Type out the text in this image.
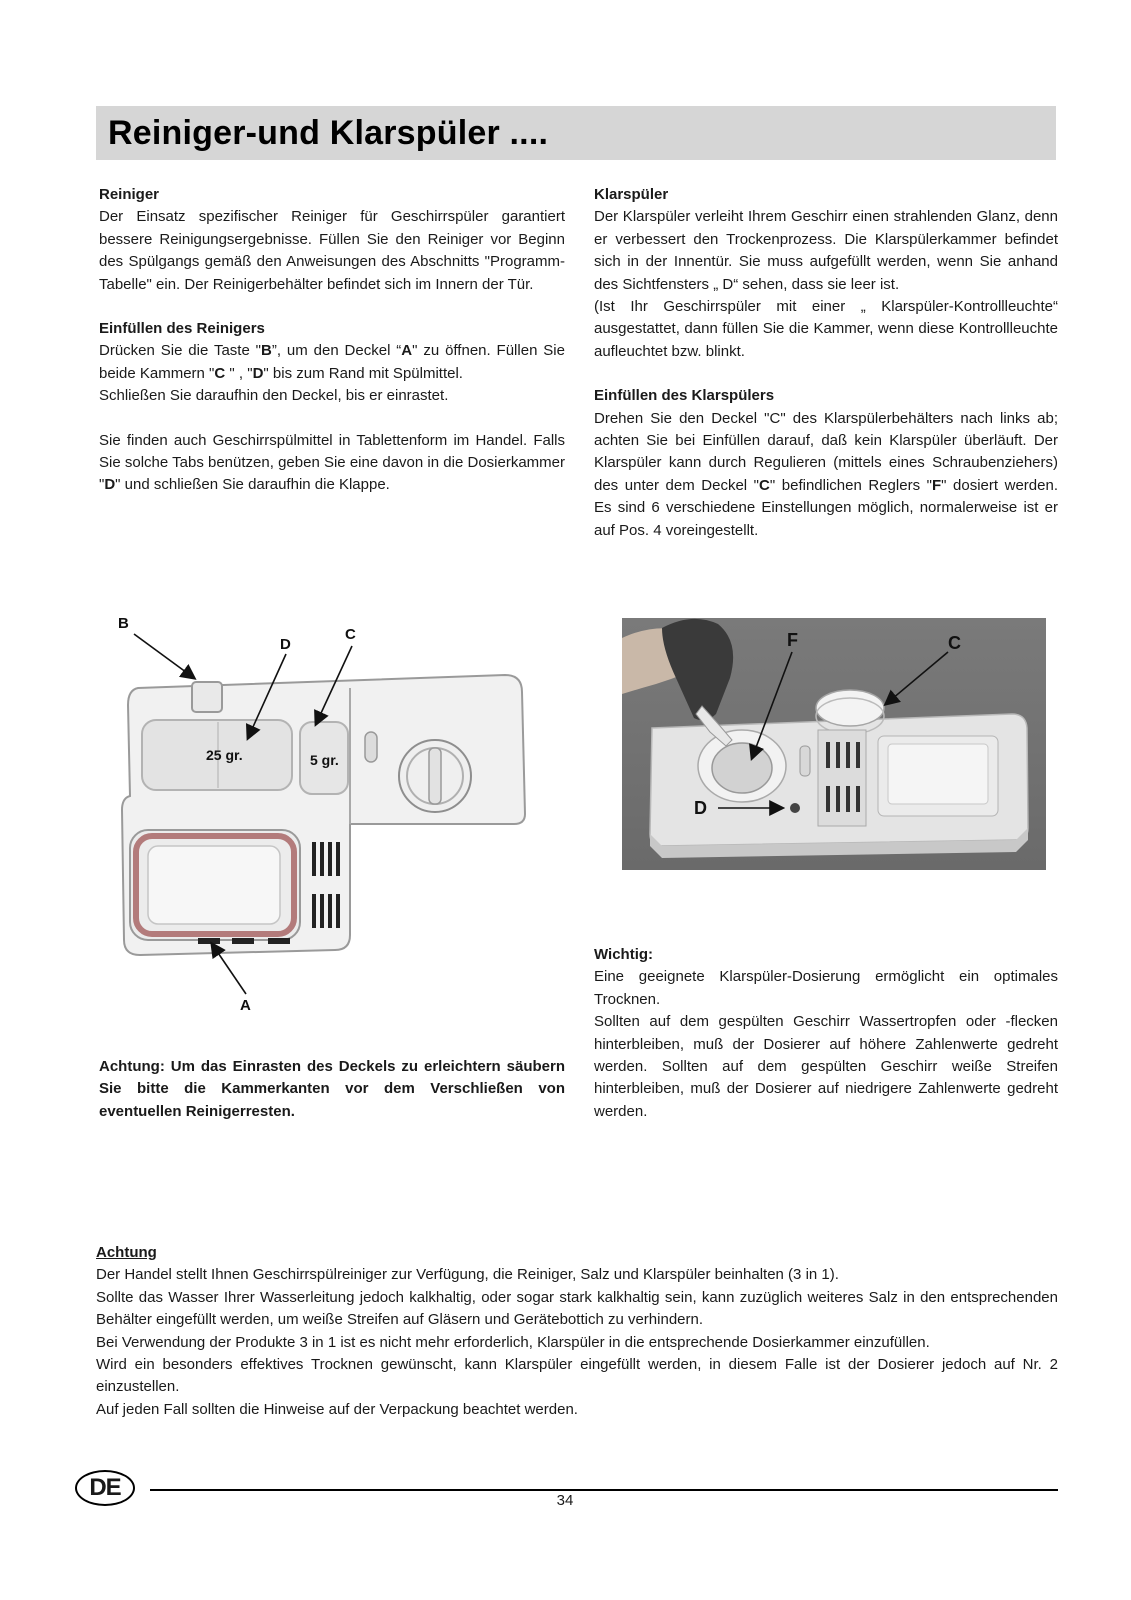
Reiniger-und Klarspüler ....

Reiniger

Der Einsatz spezifischer Reiniger für Geschirrspüler garantiert bessere Reinigungsergebnisse. Füllen Sie den Reiniger vor Beginn des Spülgangs gemäß den Anweisungen des Abschnitts "Programm-Tabelle" ein. Der Reinigerbehälter befindet sich im Innern der Tür.

Einfüllen des Reinigers

Drücken Sie die Taste "B”, um den Deckel “A" zu öffnen. Füllen Sie beide Kammern "C " , "D" bis zum Rand mit Spülmittel.

Schließen Sie daraufhin den Deckel, bis er einrastet.

Sie finden auch Geschirrspülmittel in Tablettenform im Handel. Falls Sie solche Tabs benützen, geben Sie eine davon in die Dosierkammer "D" und schließen Sie daraufhin die Klappe.

Klarspüler

Der Klarspüler verleiht Ihrem Geschirr einen strahlenden Glanz, denn er verbessert den Trockenprozess. Die Klarspülerkammer befindet sich in der Innentür. Sie muss aufgefüllt werden, wenn Sie anhand des Sichtfensters „ D“ sehen, dass sie leer ist.

(Ist Ihr Geschirrspüler mit einer „ Klarspüler-Kontrollleuchte“ ausgestattet, dann füllen Sie die Kammer, wenn diese Kontrollleuchte aufleuchtet bzw. blinkt.

Einfüllen des Klarspülers

Drehen Sie den Deckel "C" des Klarspülerbehälters nach links ab; achten Sie bei Einfüllen darauf, daß kein Klarspüler überläuft. Der Klarspüler kann durch Regulieren (mittels eines Schraubenziehers) des unter dem Deckel "C" befindlichen Reglers "F" dosiert werden. Es sind 6 verschiedene Einstellungen möglich, normalerweise ist er auf Pos. 4 voreingestellt.

B
D
C
A
25 gr.	5 gr.
F	C
D
Achtung: Um das Einrasten des Deckels zu erleichtern säubern Sie bitte die Kammerkanten vor dem Verschließen von eventuellen Reinigerresten.

Wichtig:

Eine geeignete Klarspüler-Dosierung ermöglicht ein optimales Trocknen.

Sollten auf dem gespülten Geschirr Wassertropfen oder -flecken hinterbleiben, muß der Dosierer auf höhere Zahlenwerte gedreht werden. Sollten auf dem gespülten Geschirr weiße Streifen hinterbleiben, muß der Dosierer auf niedrigere Zahlenwerte gedreht werden.

Achtung

Der Handel stellt Ihnen Geschirrspülreiniger zur Verfügung, die Reiniger, Salz und Klarspüler beinhalten (3 in 1).

Sollte das Wasser Ihrer Wasserleitung jedoch kalkhaltig, oder sogar stark kalkhaltig sein, kann zuzüglich weiteres Salz in den entsprechenden Behälter eingefüllt werden, um weiße Streifen auf Gläsern und Gerätebottich zu verhindern.

Bei Verwendung der Produkte 3 in 1 ist es nicht mehr erforderlich, Klarspüler in die entsprechende Dosierkammer einzufüllen.

Wird ein besonders effektives Trocknen gewünscht, kann Klarspüler eingefüllt werden, in diesem Falle ist der Dosierer jedoch auf Nr. 2 einzustellen.

Auf jeden Fall sollten die Hinweise auf der Verpackung beachtet werden.

DE	34
